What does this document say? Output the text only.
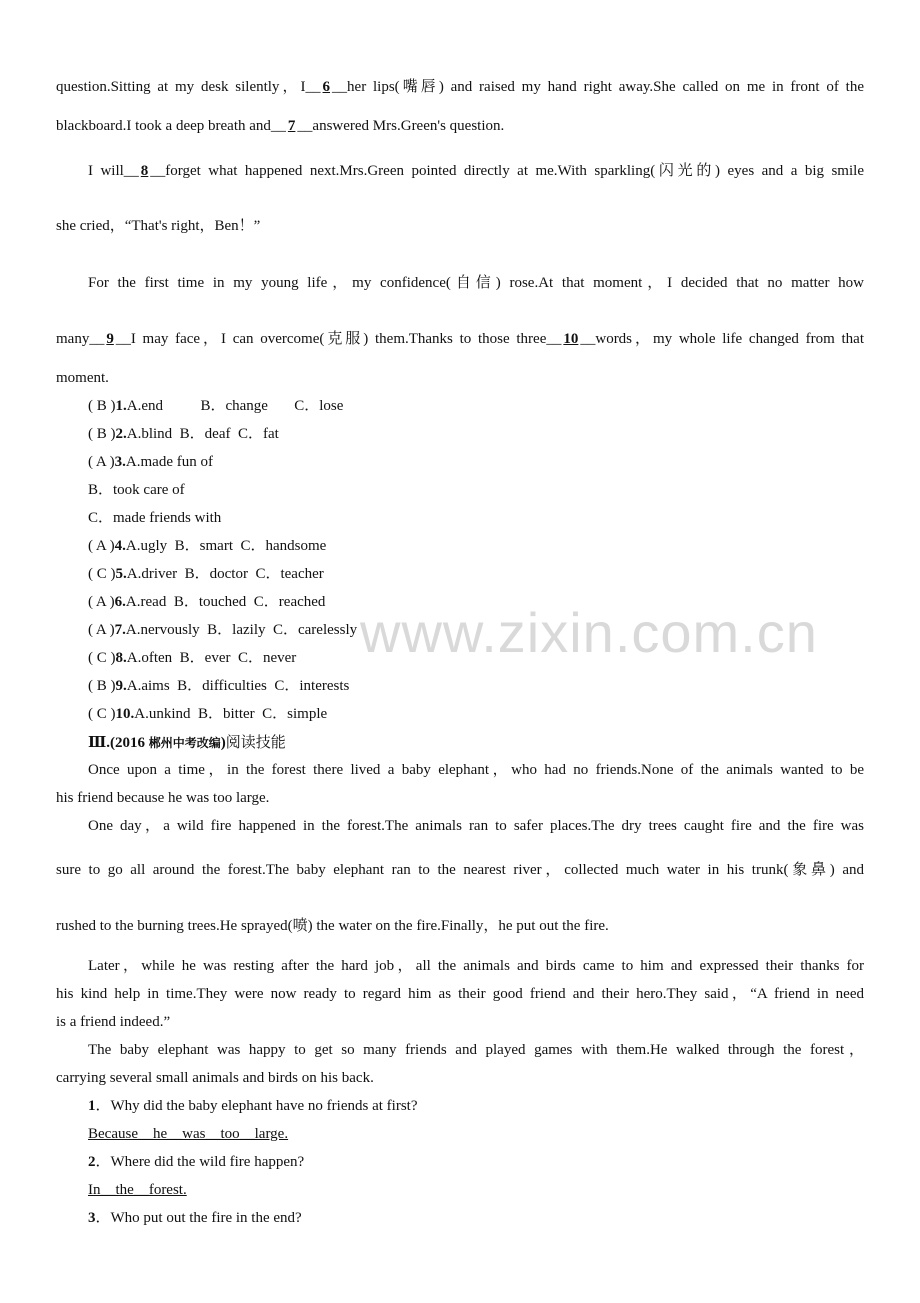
question.Sitting at my desk silently，I__ 6 __her lips(嘴唇) and raised my hand right away.She called on me in front of the
blackboard.I took a deep breath and__ 7 __answered Mrs.Green's question.
I will__ 8 __forget what happened next.Mrs.Green pointed directly at me.With sparkling(闪光的) eyes and a big smile
she cried，“That's right，Ben！”
For the first time in my young life，my confidence(自信) rose.At that moment，I decided that no matter how
many__ 9 __I may face，I can overcome(克服) them.Thanks to those three__ 10 __words，my whole life changed from that
moment.
( B )1.A.end          B．change       C．lose
( B )2.A.blind  B．deaf  C．fat
( A )3.A.made fun of
B．took care of
C．made friends with
( A )4.A.ugly  B．smart  C．handsome
( C )5.A.driver  B．doctor  C．teacher
( A )6.A.read  B．touched  C．reached
( A )7.A.nervously  B．lazily  C．carelessly
( C )8.A.often  B．ever  C．never
( B )9.A.aims  B．difficulties  C．interests
( C )10.A.unkind  B．bitter  C．simple
Ⅲ.(2016 郴州中考改编)阅读技能
Once upon a time，in the forest there lived a baby elephant，who had no friends.None of the animals wanted to be
his friend because he was too large.
One day，a wild fire happened in the forest.The animals ran to safer places.The dry trees caught fire and the fire was
sure to go all around the forest.The baby elephant ran to the nearest river，collected much water in his trunk(象鼻) and
rushed to the burning trees.He sprayed(喷) the water on the fire.Finally，he put out the fire.
Later，while he was resting after the hard job，all the animals and birds came to him and expressed their thanks for
his kind help in time.They were now ready to regard him as their good friend and their hero.They said，“A friend in need
is a friend indeed.”
The baby elephant was happy to get so many friends and played games with them.He walked through the forest，
carrying several small animals and birds on his back.
1．Why did the baby elephant have no friends at first?
Because__he__was__too__large.
2．Where did the wild fire happen?
In__the__forest.
3．Who put out the fire in the end?
www.zixin.com.cn
